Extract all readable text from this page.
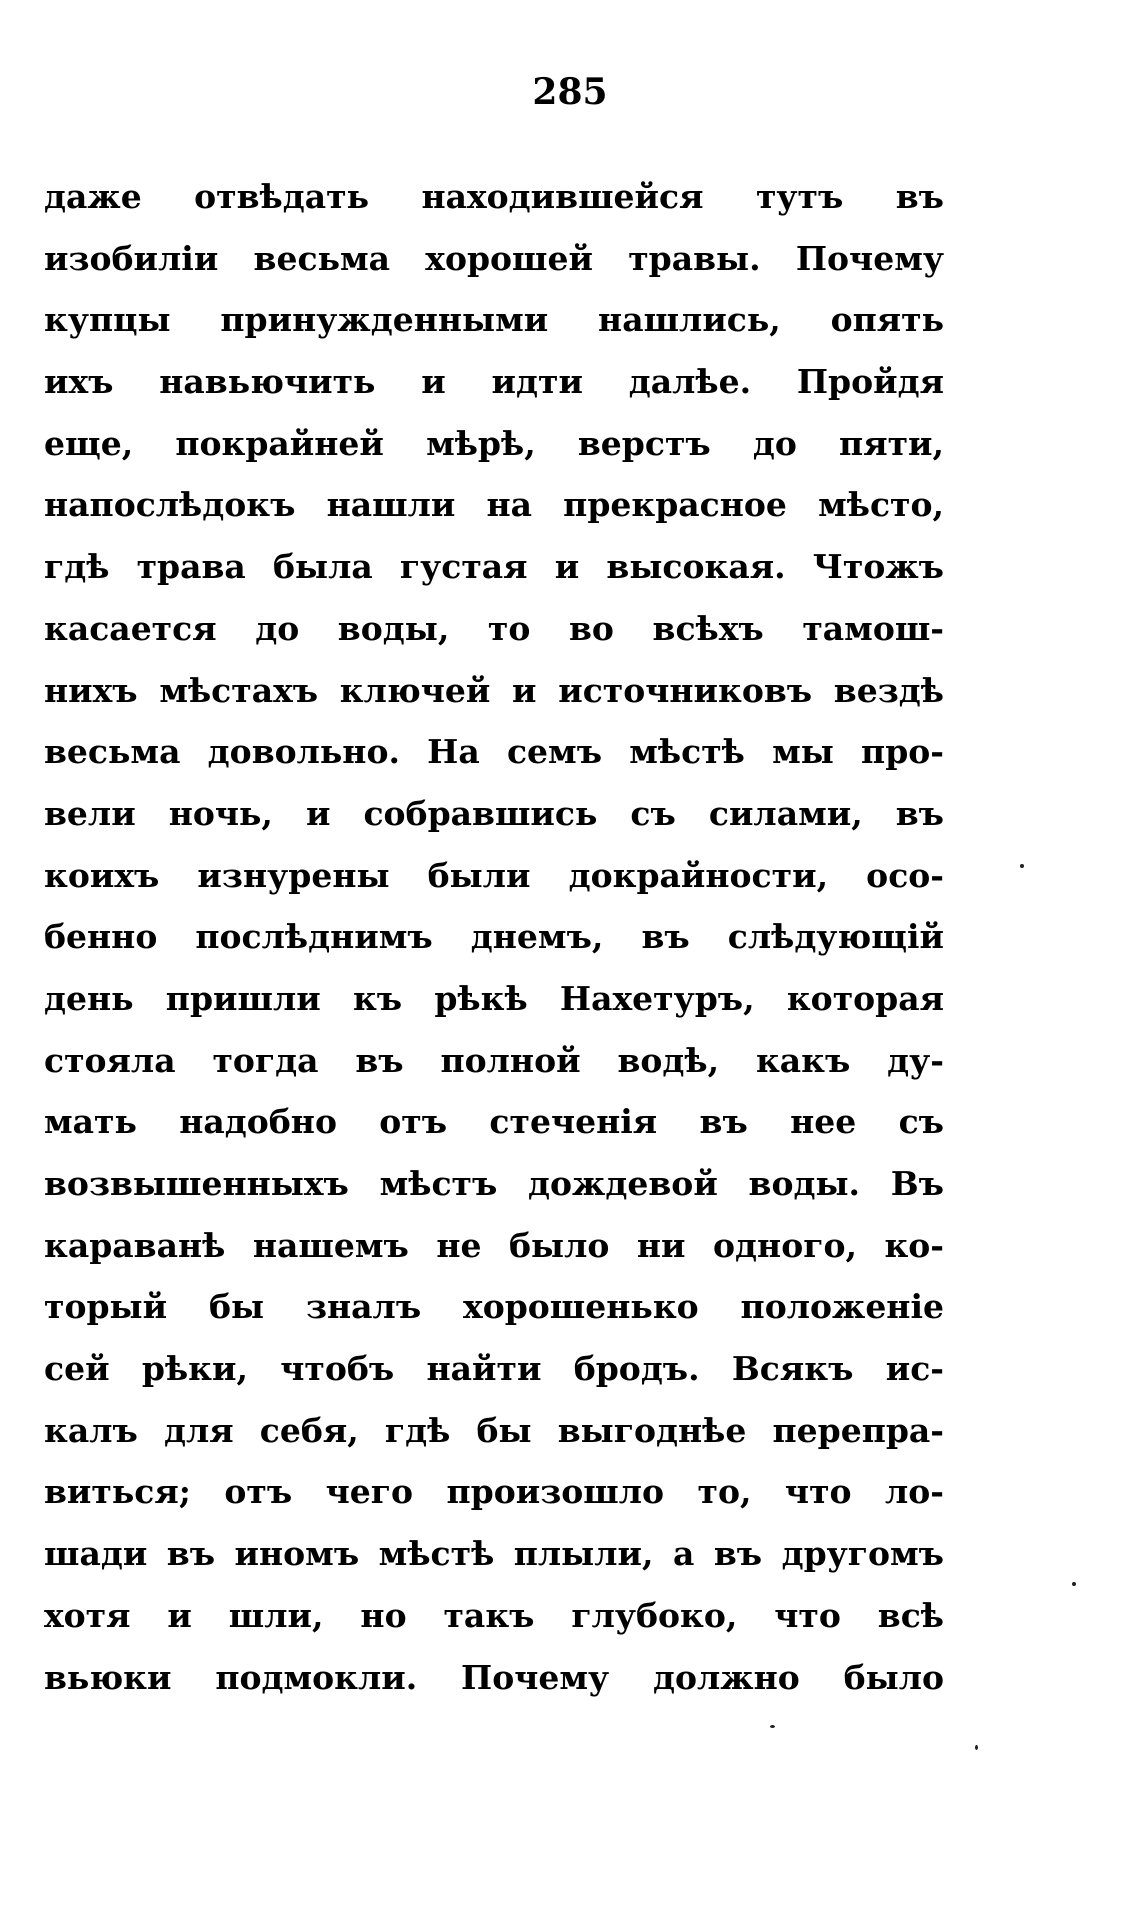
285
даже отвѣдать находившейся тутъ въ
изобиліи весьма хорошей травы. Почему
купцы принужденными нашлись, опять
ихъ навьючить и идти далѣе. Пройдя
еще, покрайней мѣрѣ, верстъ до пяти,
напослѣдокъ нашли на прекрасное мѣсто,
гдѣ трава была густая и высокая. Чтожъ
касается до воды, то во всѣхъ тамош-
нихъ мѣстахъ ключей и источниковъ вездѣ
весьма довольно. На семъ мѣстѣ мы про-
вели ночь, и собравшись съ силами, въ
коихъ изнурены были докрайности, осо-
бенно послѣднимъ днемъ, въ слѣдующій
день пришли къ рѣкѣ Нахетуръ, которая
стояла тогда въ полной водѣ, какъ ду-
мать надобно отъ стеченія въ нее съ
возвышенныхъ мѣстъ дождевой воды. Въ
караванѣ нашемъ не было ни одного, ко-
торый бы зналъ хорошенько положеніе
сей рѣки, чтобъ найти бродъ. Всякъ ис-
калъ для себя, гдѣ бы выгоднѣе перепра-
виться; отъ чего произошло то, что ло-
шади въ иномъ мѣстѣ плыли, а въ другомъ
хотя и шли, но такъ глубоко, что всѣ
вьюки подмокли. Почему должно было
